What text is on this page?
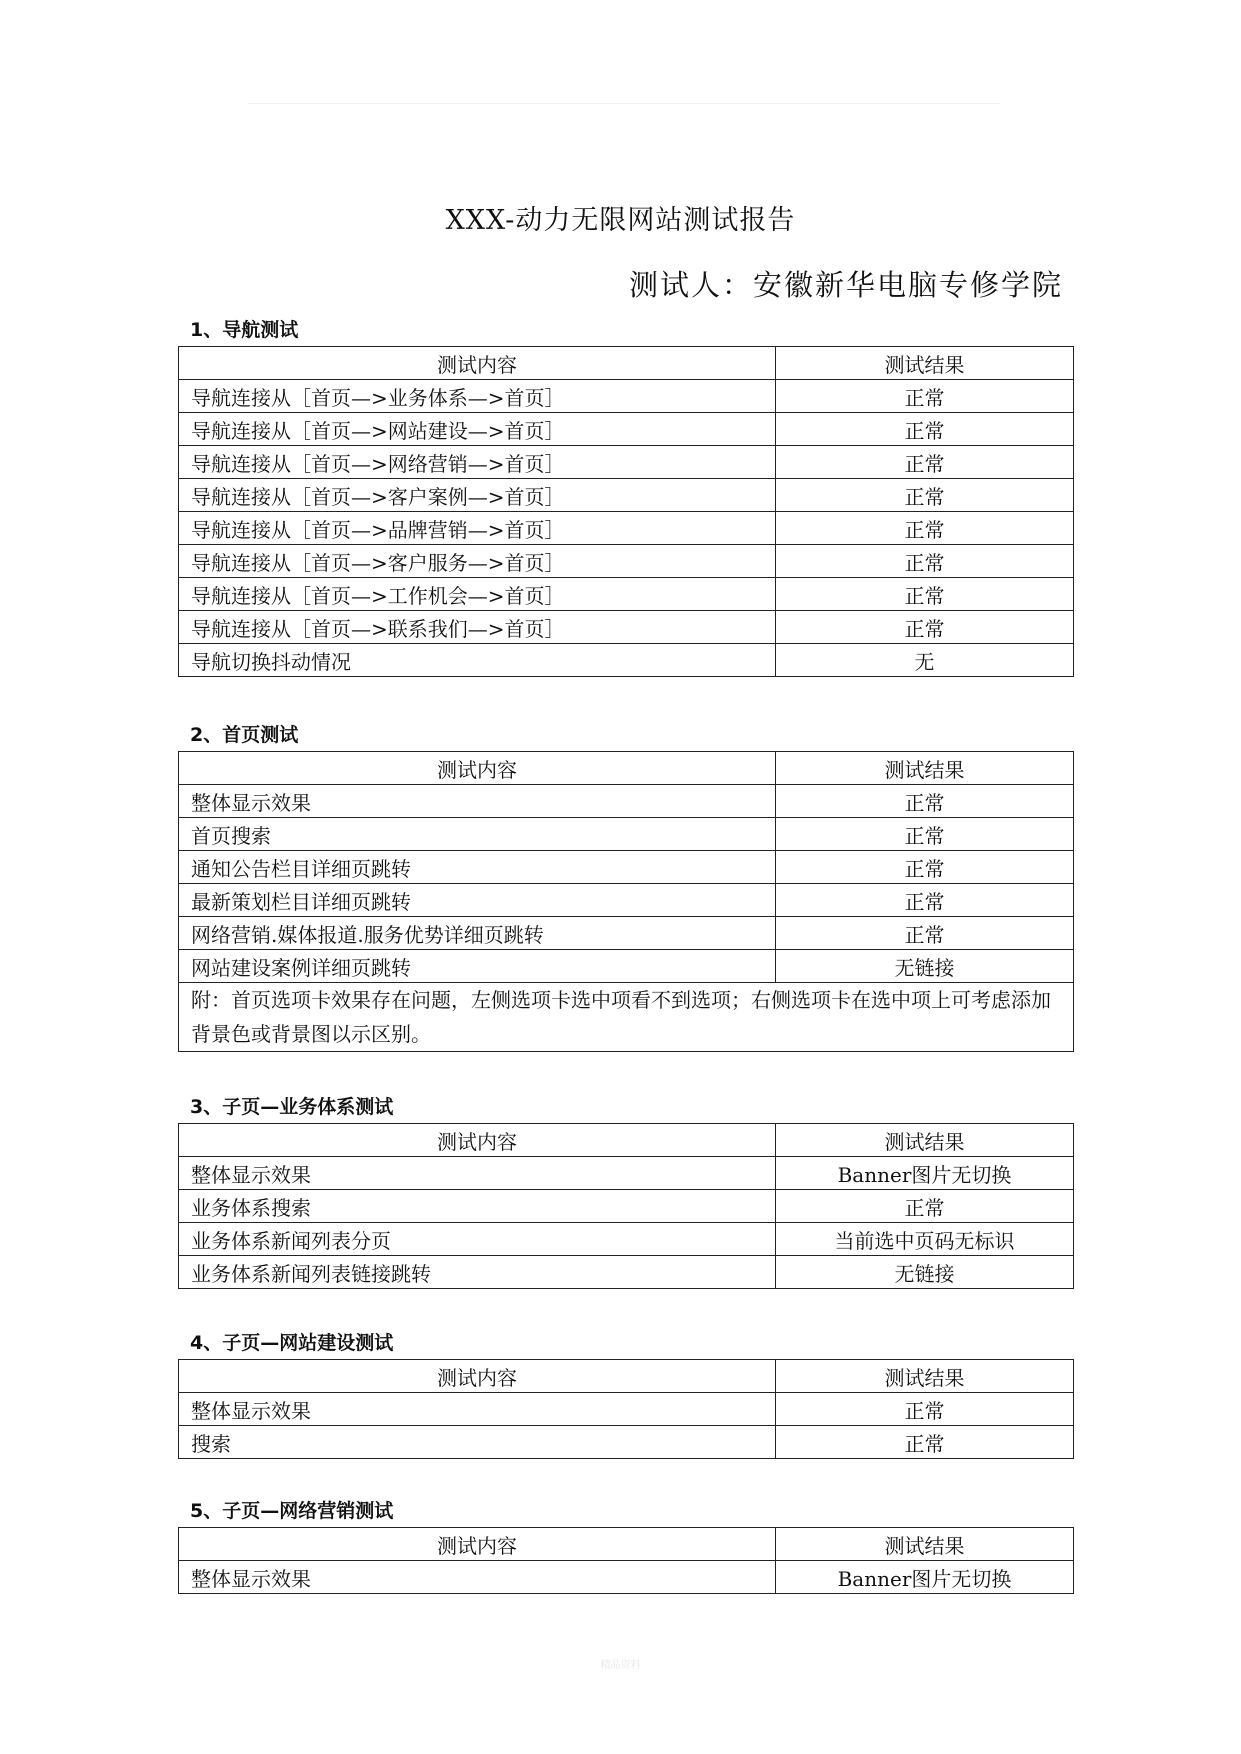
XXX-动力无限网站测试报告
测试人：安徽新华电脑专修学院
1、导航测试
测试内容	测试结果
导航连接从［首页—>业务体系—>首页］	正常
导航连接从［首页—>网站建设—>首页］	正常
导航连接从［首页—>网络营销—>首页］	正常
导航连接从［首页—>客户案例—>首页］	正常
导航连接从［首页—>品牌营销—>首页］	正常
导航连接从［首页—>客户服务—>首页］	正常
导航连接从［首页—>工作机会—>首页］	正常
导航连接从［首页—>联系我们—>首页］	正常
导航切换抖动情况	无
2、首页测试
测试内容	测试结果
整体显示效果	正常
首页搜索	正常
通知公告栏目详细页跳转	正常
最新策划栏目详细页跳转	正常
网络营销.媒体报道.服务优势详细页跳转	正常
网站建设案例详细页跳转	无链接
附：首页选项卡效果存在问题，左侧选项卡选中项看不到选项；右侧选项卡在选中项上可考虑添加背景色或背景图以示区别。	
3、子页—业务体系测试
测试内容	测试结果
整体显示效果	Banner图片无切换
业务体系搜索	正常
业务体系新闻列表分页	当前选中页码无标识
业务体系新闻列表链接跳转	无链接
4、子页—网站建设测试
测试内容	测试结果
整体显示效果	正常
搜索	正常
5、子页—网络营销测试
测试内容	测试结果
整体显示效果	Banner图片无切换
精品资料
